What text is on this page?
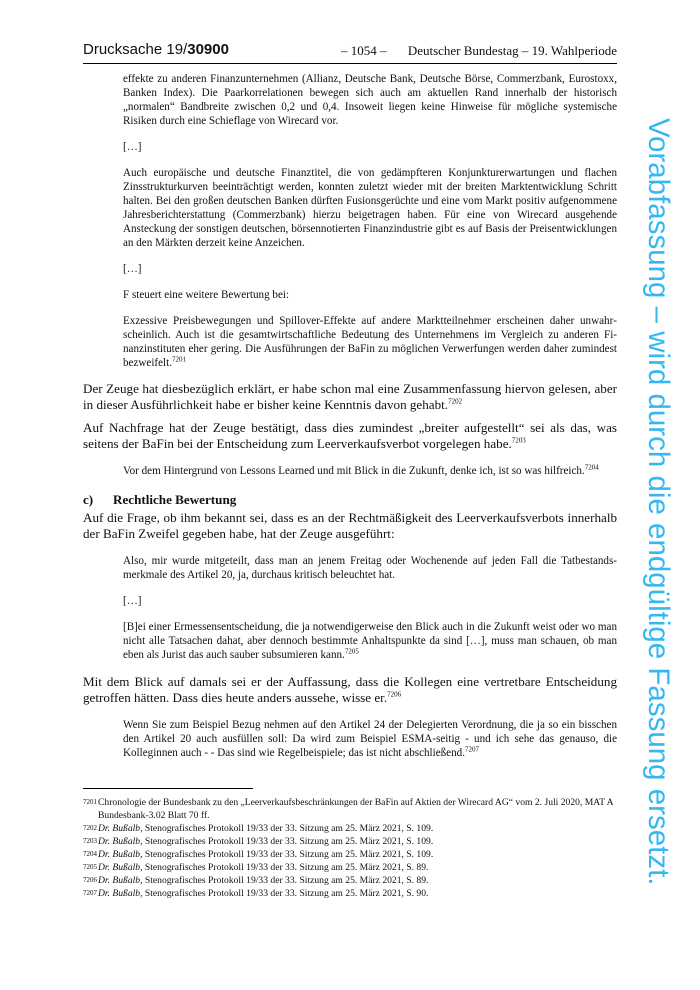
Drucksache 19/30900	– 1054 – Deutscher Bundestag – 19. Wahlperiode

effekte zu anderen Finanzunternehmen (Allianz, Deutsche Bank, Deutsche Börse, Commerzbank, Eurostoxx, Banken Index). Die Paarkorrelationen bewegen sich auch am aktuellen Rand innerhalb der historisch „normalen“ Bandbreite zwischen 0,2 und 0,4. Insoweit liegen keine Hinweise für mögliche systemische Risiken durch eine Schieflage von Wirecard vor.

[…]

Auch europäische und deutsche Finanztitel, die von gedämpfteren Konjunkturerwartungen und flachen Zinsstrukturkurven beeinträchtigt werden, konnten zuletzt wieder mit der breiten Marktentwicklung Schritt halten. Bei den großen deutschen Banken dürften Fusionsgerüchte und eine vom Markt positiv aufgenommene Jahresberichterstattung (Commerzbank) hierzu beigetragen haben. Für eine von Wirecard ausgehende Ansteckung der sonstigen deutschen, börsennotierten Finanzindustrie gibt es auf Basis der Preisentwicklungen an den Märkten derzeit keine Anzeichen.

[…]

F steuert eine weitere Bewertung bei:

Exzessive Preisbewegungen und Spillover-Effekte auf andere Marktteilnehmer erscheinen daher unwahrscheinlich. Auch ist die gesamtwirtschaftliche Bedeutung des Unternehmens im Vergleich zu anderen Finanzinstituten eher gering. Die Ausführungen der BaFin zu möglichen Verwerfungen werden daher zumindest bezweifelt.$^{7201}$

Der Zeuge hat diesbezüglich erklärt, er habe schon mal eine Zusammenfassung hiervon gelesen, aber in dieser Ausführlichkeit habe er bisher keine Kenntnis davon gehabt.$^{7202}$

Auf Nachfrage hat der Zeuge bestätigt, dass dies zumindest „breiter aufgestellt“ sei als das, was seitens der BaFin bei der Entscheidung zum Leerverkaufsverbot vorgelegen habe.$^{7203}$

Vor dem Hintergrund von Lessons Learned und mit Blick in die Zukunft, denke ich, ist so was hilfreich.$^{7204}$

c) Rechtliche Bewertung

Auf die Frage, ob ihm bekannt sei, dass es an der Rechtmäßigkeit des Leerverkaufsverbots innerhalb der BaFin Zweifel gegeben habe, hat der Zeuge ausgeführt:

Also, mir wurde mitgeteilt, dass man an jenem Freitag oder Wochenende auf jeden Fall die Tatbestandsmerkmale des Artikel 20, ja, durchaus kritisch beleuchtet hat.

[…]

[B]ei einer Ermessensentscheidung, die ja notwendigerweise den Blick auch in die Zukunft weist oder wo man nicht alle Tatsachen dahat, aber dennoch bestimmte Anhaltspunkte da sind […], muss man schauen, ob man eben als Jurist das auch sauber subsumieren kann.$^{7205}$

Mit dem Blick auf damals sei er der Auffassung, dass die Kollegen eine vertretbare Entscheidung getroffen hätten. Dass dies heute anders aussehe, wisse er.$^{7206}$

Wenn Sie zum Beispiel Bezug nehmen auf den Artikel 24 der Delegierten Verordnung, die ja so ein bisschen den Artikel 20 auch ausfüllen soll: Da wird zum Beispiel ESMA-seitig - und ich sehe das genauso, die Kolleginnen auch - - Das sind wie Regelbeispiele; das ist nicht abschließend.$^{7207}$

7201 Chronologie der Bundesbank zu den „Leerverkaufsbeschränkungen der BaFin auf Aktien der Wirecard AG“ vom 2. Juli 2020, MAT A Bundesbank-3.02 Blatt 70 ff.
7202 Dr. Bußalb, Stenografisches Protokoll 19/33 der 33. Sitzung am 25. März 2021, S. 109.
7203 Dr. Bußalb, Stenografisches Protokoll 19/33 der 33. Sitzung am 25. März 2021, S. 109.
7204 Dr. Bußalb, Stenografisches Protokoll 19/33 der 33. Sitzung am 25. März 2021, S. 109.
7205 Dr. Bußalb, Stenografisches Protokoll 19/33 der 33. Sitzung am 25. März 2021, S. 89.
7206 Dr. Bußalb, Stenografisches Protokoll 19/33 der 33. Sitzung am 25. März 2021, S. 89.
7207 Dr. Bußalb, Stenografisches Protokoll 19/33 der 33. Sitzung am 25. März 2021, S. 90.
Vorabfassung – wird durch die endgültige Fassung ersetzt.
